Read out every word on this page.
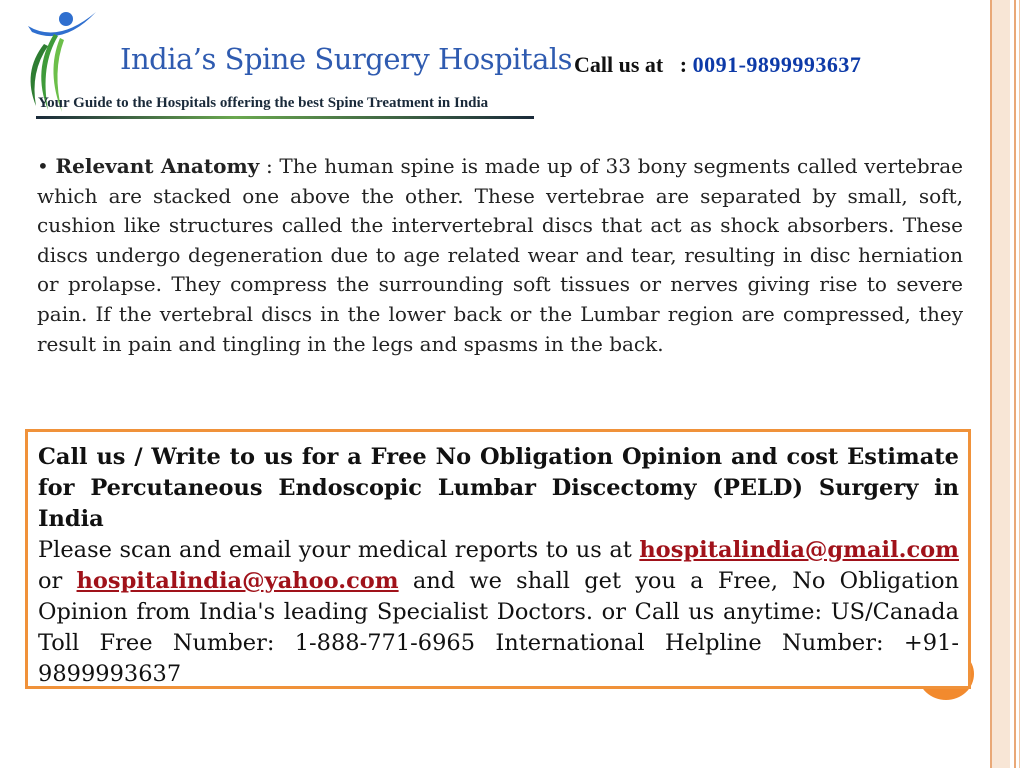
India’s Spine Surgery Hospitals
Your Guide to the Hospitals offering the best Spine Treatment in India
Call us at : 0091-9899993637
• Relevant Anatomy : The human spine is made up of 33 bony segments called vertebrae which are stacked one above the other. These vertebrae are separated by small, soft, cushion like structures called the intervertebral discs that act as shock absorbers. These discs undergo degeneration due to age related wear and tear, resulting in disc herniation or prolapse. They compress the surrounding soft tissues or nerves giving rise to severe pain. If the vertebral discs in the lower back or the Lumbar region are compressed, they result in pain and tingling in the legs and spasms in the back.
Call us / Write to us for a Free No Obligation Opinion and cost Estimate for Percutaneous Endoscopic Lumbar Discectomy (PELD) Surgery in India
Please scan and email your medical reports to us at hospitalindia@gmail.com or hospitalindia@yahoo.com and we shall get you a Free, No Obligation Opinion from India's leading Specialist Doctors. or Call us anytime: US/Canada Toll Free Number: 1-888-771-6965 International Helpline Number: +91-9899993637
